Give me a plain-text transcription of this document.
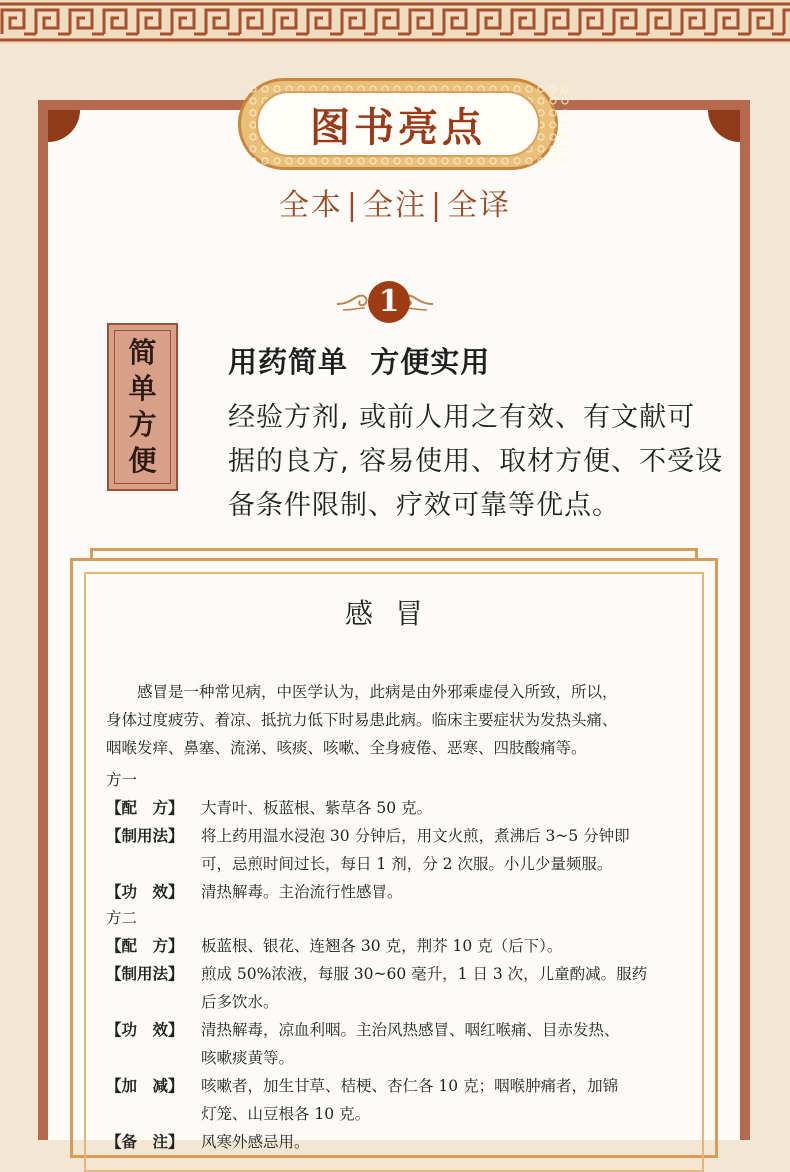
图书亮点
全本 | 全注 | 全译
1
简
单
方
便
用药简单  方便实用
经验方剂, 或前人用之有效、有文献可
据的良方, 容易使用、取材方便、不受设
备条件限制、疗效可靠等优点。
感冒
感冒是一种常见病，中医学认为，此病是由外邪乘虚侵入所致，所以，
身体过度疲劳、着凉、抵抗力低下时易患此病。临床主要症状为发热头痛、
咽喉发痒、鼻塞、流涕、咳痰、咳嗽、全身疲倦、恶寒、四肢酸痛等。
方一
【配　方】	大青叶、板蓝根、紫草各 50 克。
【制用法】	将上药用温水浸泡 30 分钟后，用文火煎，煮沸后 3~5 分钟即
可，忌煎时间过长，每日 1 剂，分 2 次服。小儿少量频服。
【功　效】	清热解毒。主治流行性感冒。
方二
【配　方】	板蓝根、银花、连翘各 30 克，荆芥 10 克（后下）。
【制用法】	煎成 50%浓液，每服 30~60 毫升，1 日 3 次，儿童酌减。服药
后多饮水。
【功　效】	清热解毒，凉血利咽。主治风热感冒、咽红喉痛、目赤发热、
咳嗽痰黄等。
【加　减】	咳嗽者，加生甘草、桔梗、杏仁各 10 克；咽喉肿痛者，加锦
灯笼、山豆根各 10 克。
【备　注】	风寒外感忌用。
